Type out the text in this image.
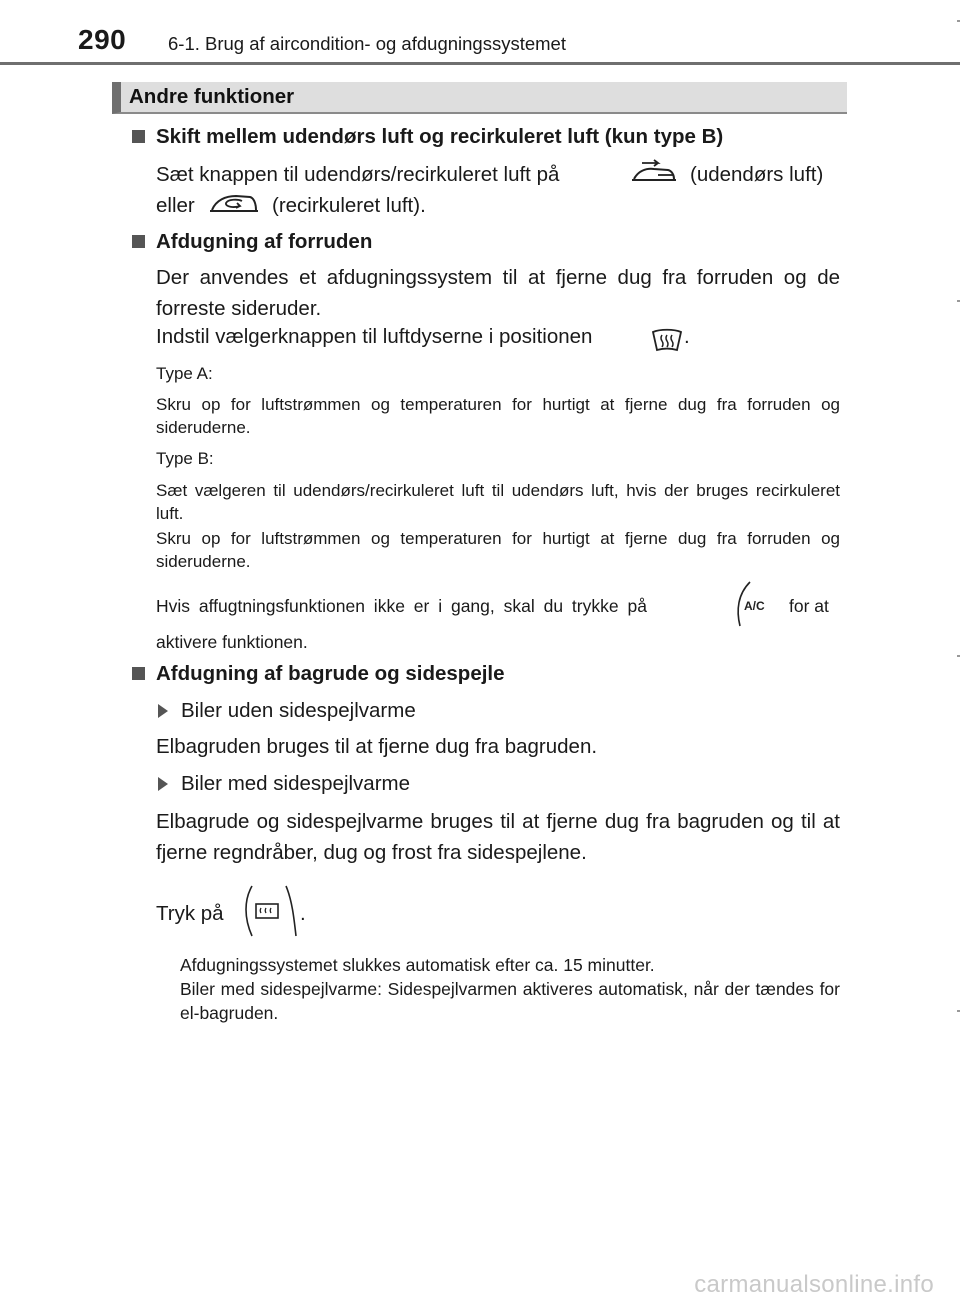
290 6-1. Brug af aircondition- og afdugningssystemet
Andre funktioner
Skift mellem udendørs luft og recirkuleret luft (kun type B)
Sæt knappen til udendørs/recirkuleret luft på	(udendørs luft)
eller	(recirkuleret luft).
Afdugning af forruden
Der anvendes et afdugningssystem til at fjerne dug fra forruden og de forreste sideruder.
Indstil vælgerknappen til luftdyserne i positionen	.
Type A:
Skru op for luftstrømmen og temperaturen for hurtigt at fjerne dug fra forruden og sideruderne.
Type B:
Sæt vælgeren til udendørs/recirkuleret luft til udendørs luft, hvis der bruges recirkuleret luft.
Skru op for luftstrømmen og temperaturen for hurtigt at fjerne dug fra forruden og sideruderne.
Hvis affugtningsfunktionen ikke er i gang, skal du trykke på	A/C for at
aktivere funktionen.
Afdugning af bagrude og sidespejle
Biler uden sidespejlvarme
Elbagruden bruges til at fjerne dug fra bagruden.
Biler med sidespejlvarme
Elbagrude og sidespejlvarme bruges til at fjerne dug fra bagruden og til at fjerne regndråber, dug og frost fra sidespejlene.
Tryk på	.
Afdugningssystemet slukkes automatisk efter ca. 15 minutter.
Biler med sidespejlvarme: Sidespejlvarmen aktiveres automatisk, når der tændes for el-bagruden.
carmanualsonline.info
